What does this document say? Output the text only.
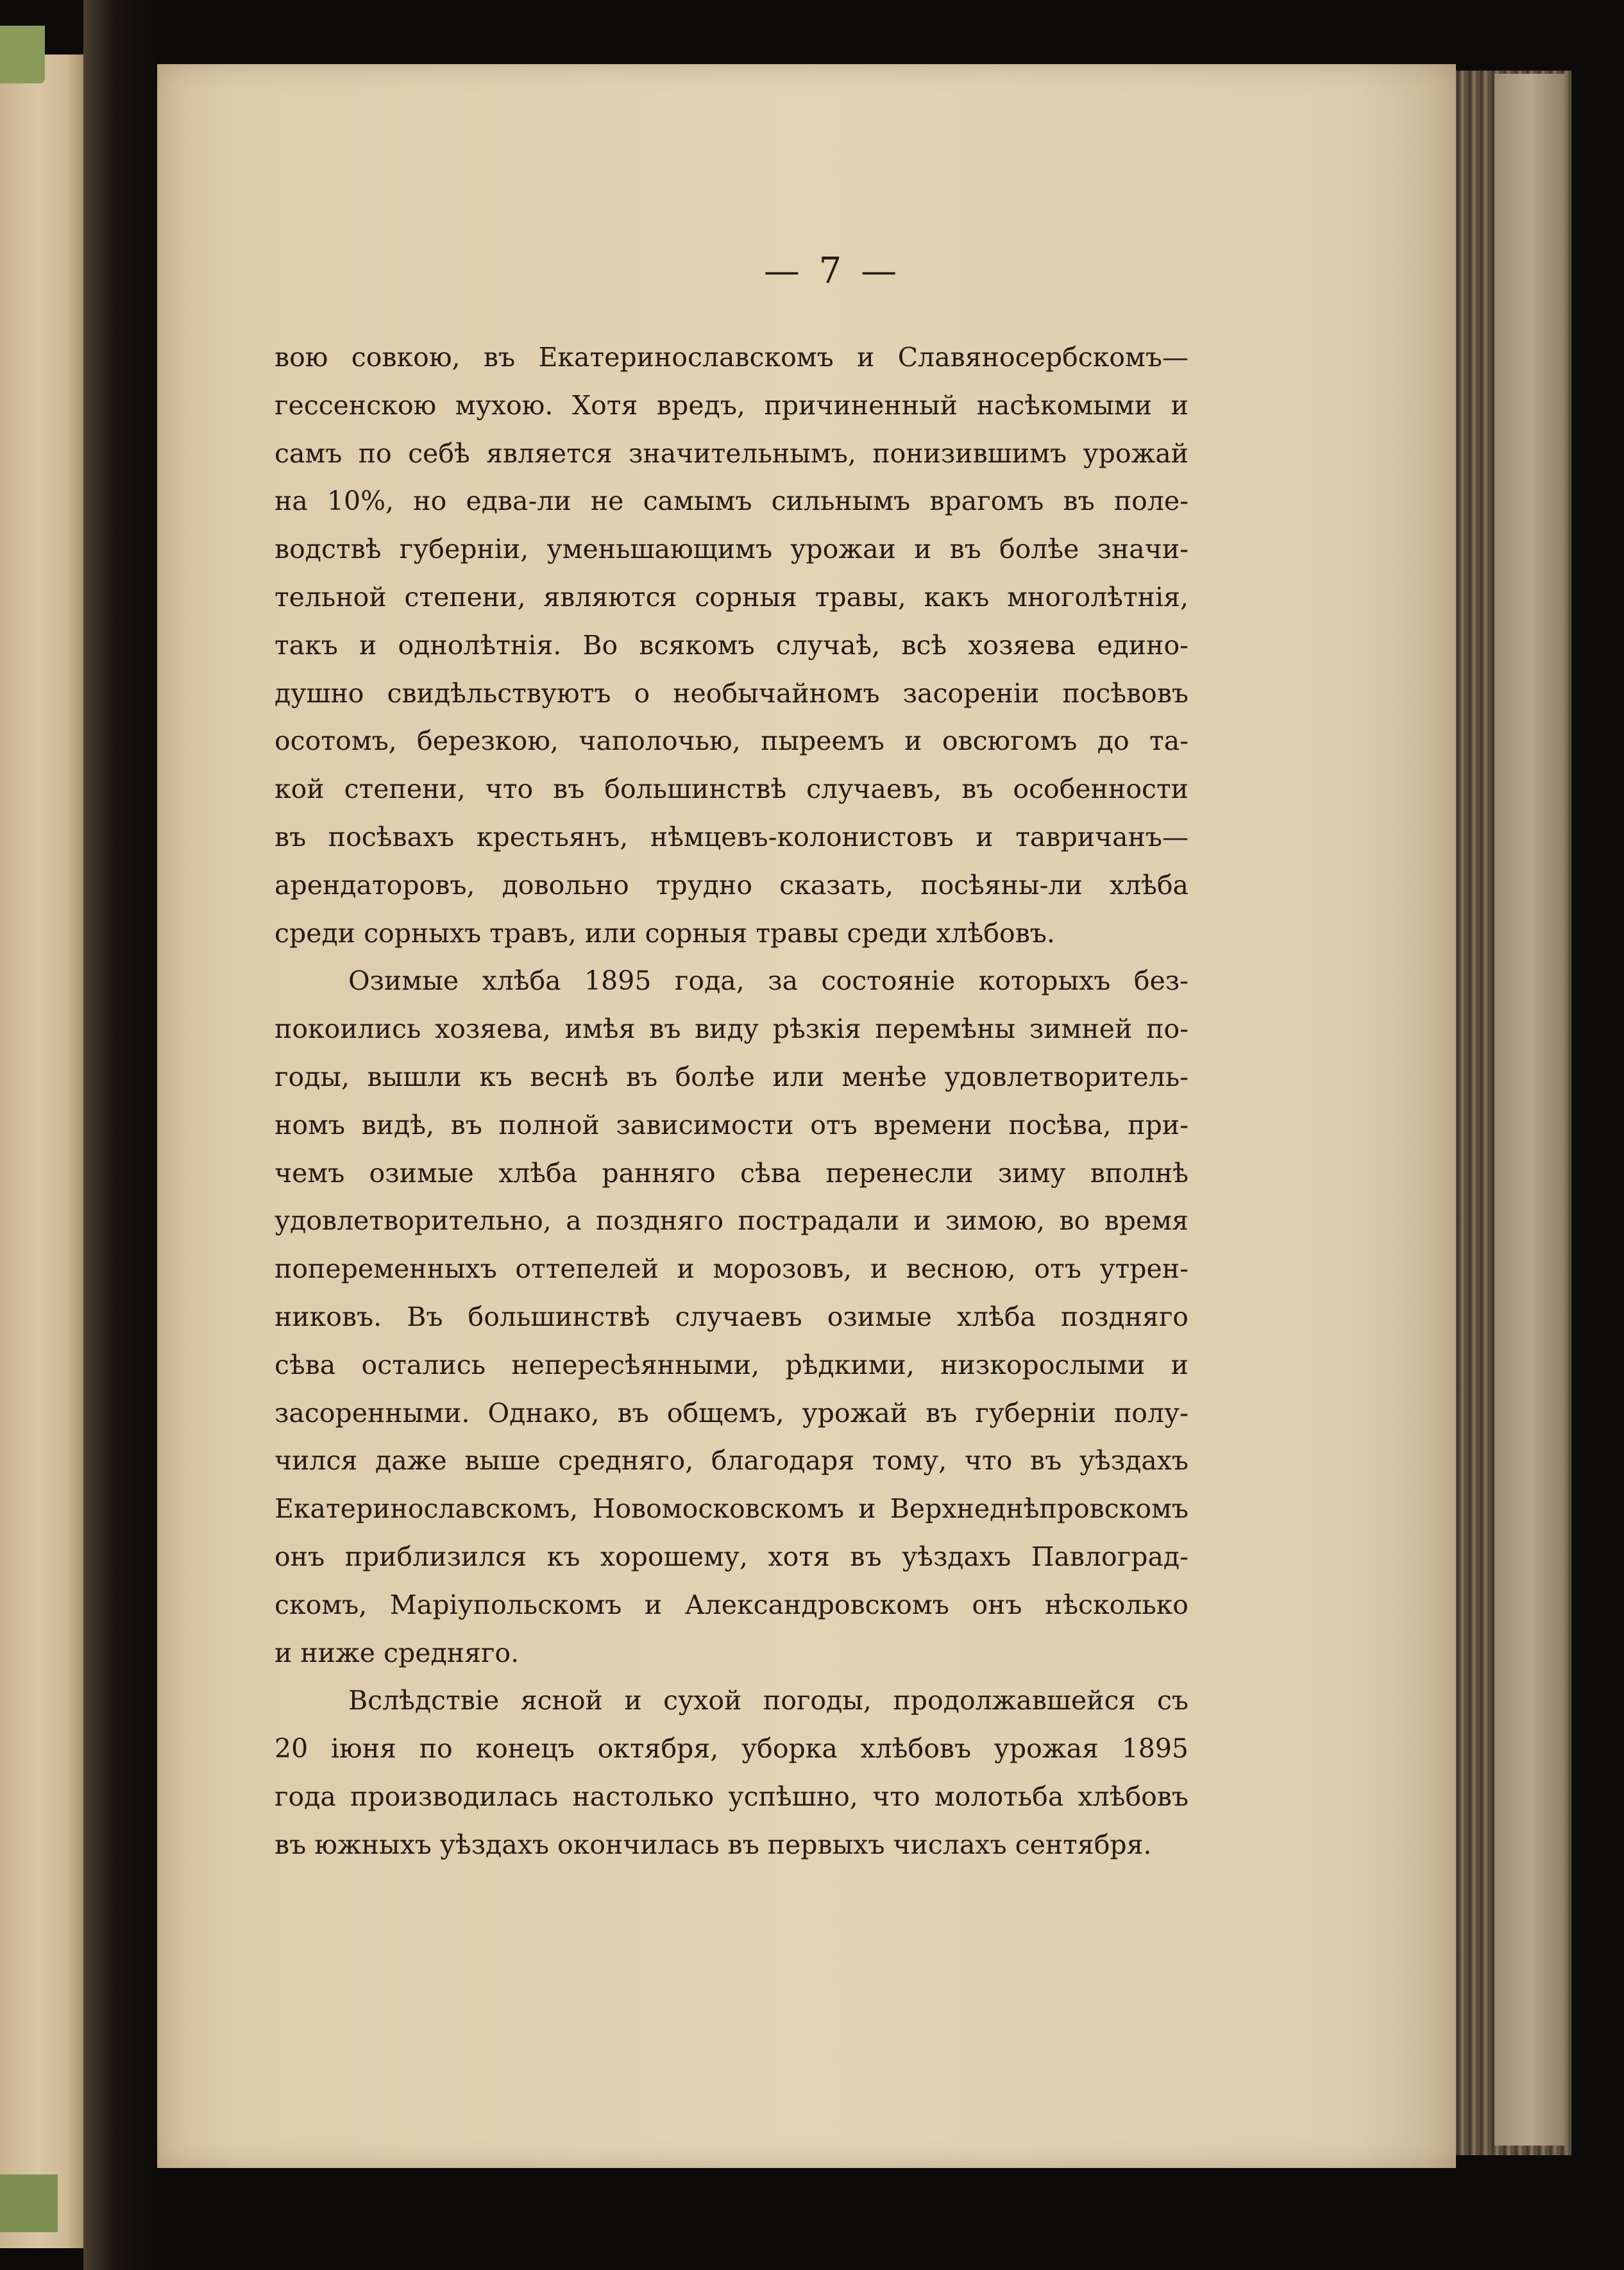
— 7 —
вою совкою, въ Екатеринославскомъ и Славяносербскомъ—
гессенскою мухою. Хотя вредъ, причиненный насѣкомыми и
самъ по себѣ является значительнымъ, понизившимъ урожай
на 10%, но едва-ли не самымъ сильнымъ врагомъ въ поле-
водствѣ губерніи, уменьшающимъ урожаи и въ болѣе значи-
тельной степени, являются сорныя травы, какъ многолѣтнія,
такъ и однолѣтнія. Во всякомъ случаѣ, всѣ хозяева едино-
душно свидѣльствуютъ о необычайномъ засореніи посѣвовъ
осотомъ, березкою, чаполочью, пыреемъ и овсюгомъ до та-
кой степени, что въ большинствѣ случаевъ, въ особенности
въ посѣвахъ крестьянъ, нѣмцевъ-колонистовъ и тавричанъ—
арендаторовъ, довольно трудно сказать, посѣяны-ли хлѣба
среди сорныхъ травъ, или сорныя травы среди хлѣбовъ.
Озимые хлѣба 1895 года, за состояніе которыхъ без-
покоились хозяева, имѣя въ виду рѣзкія перемѣны зимней по-
годы, вышли къ веснѣ въ болѣе или менѣе удовлетворитель-
номъ видѣ, въ полной зависимости отъ времени посѣва, при-
чемъ озимые хлѣба ранняго сѣва перенесли зиму вполнѣ
удовлетворительно, а поздняго пострадали и зимою, во время
попеременныхъ оттепелей и морозовъ, и весною, отъ утрен-
никовъ. Въ большинствѣ случаевъ озимые хлѣба поздняго
сѣва остались непересѣянными, рѣдкими, низкорослыми и
засоренными. Однако, въ общемъ, урожай въ губерніи полу-
чился даже выше средняго, благодаря тому, что въ уѣздахъ
Екатеринославскомъ, Новомосковскомъ и Верхнеднѣпровскомъ
онъ приблизился къ хорошему, хотя въ уѣздахъ Павлоград-
скомъ, Маріупольскомъ и Александровскомъ онъ нѣсколько
и ниже средняго.
Вслѣдствіе ясной и сухой погоды, продолжавшейся съ
20 іюня по конецъ октября, уборка хлѣбовъ урожая 1895
года производилась настолько успѣшно, что молотьба хлѣбовъ
въ южныхъ уѣздахъ окончилась въ первыхъ числахъ сентября.
